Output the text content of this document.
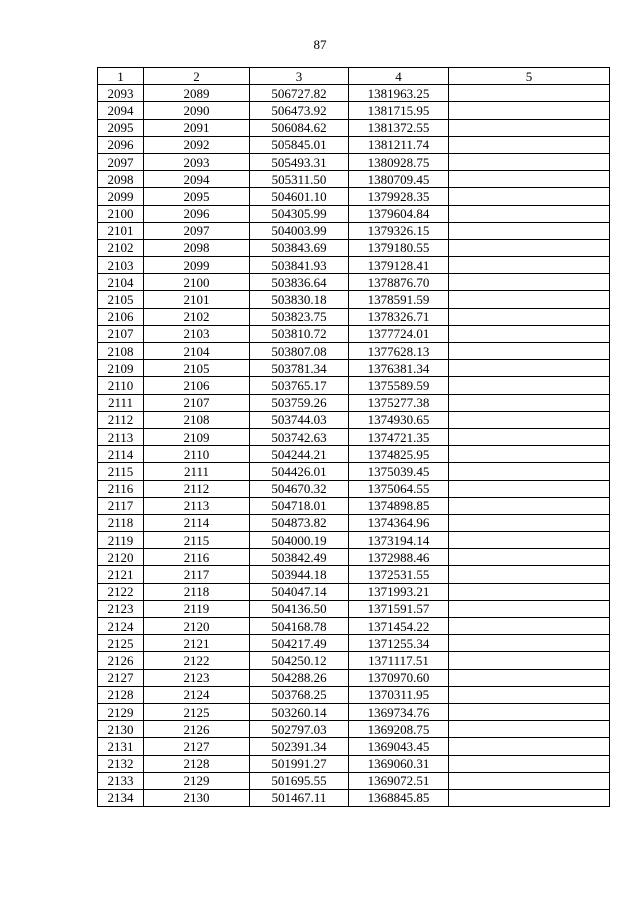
87
1	2	3	4	5
2093	2089	506727.82	1381963.25	
2094	2090	506473.92	1381715.95	
2095	2091	506084.62	1381372.55	
2096	2092	505845.01	1381211.74	
2097	2093	505493.31	1380928.75	
2098	2094	505311.50	1380709.45	
2099	2095	504601.10	1379928.35	
2100	2096	504305.99	1379604.84	
2101	2097	504003.99	1379326.15	
2102	2098	503843.69	1379180.55	
2103	2099	503841.93	1379128.41	
2104	2100	503836.64	1378876.70	
2105	2101	503830.18	1378591.59	
2106	2102	503823.75	1378326.71	
2107	2103	503810.72	1377724.01	
2108	2104	503807.08	1377628.13	
2109	2105	503781.34	1376381.34	
2110	2106	503765.17	1375589.59	
2111	2107	503759.26	1375277.38	
2112	2108	503744.03	1374930.65	
2113	2109	503742.63	1374721.35	
2114	2110	504244.21	1374825.95	
2115	2111	504426.01	1375039.45	
2116	2112	504670.32	1375064.55	
2117	2113	504718.01	1374898.85	
2118	2114	504873.82	1374364.96	
2119	2115	504000.19	1373194.14	
2120	2116	503842.49	1372988.46	
2121	2117	503944.18	1372531.55	
2122	2118	504047.14	1371993.21	
2123	2119	504136.50	1371591.57	
2124	2120	504168.78	1371454.22	
2125	2121	504217.49	1371255.34	
2126	2122	504250.12	1371117.51	
2127	2123	504288.26	1370970.60	
2128	2124	503768.25	1370311.95	
2129	2125	503260.14	1369734.76	
2130	2126	502797.03	1369208.75	
2131	2127	502391.34	1369043.45	
2132	2128	501991.27	1369060.31	
2133	2129	501695.55	1369072.51	
2134	2130	501467.11	1368845.85	
